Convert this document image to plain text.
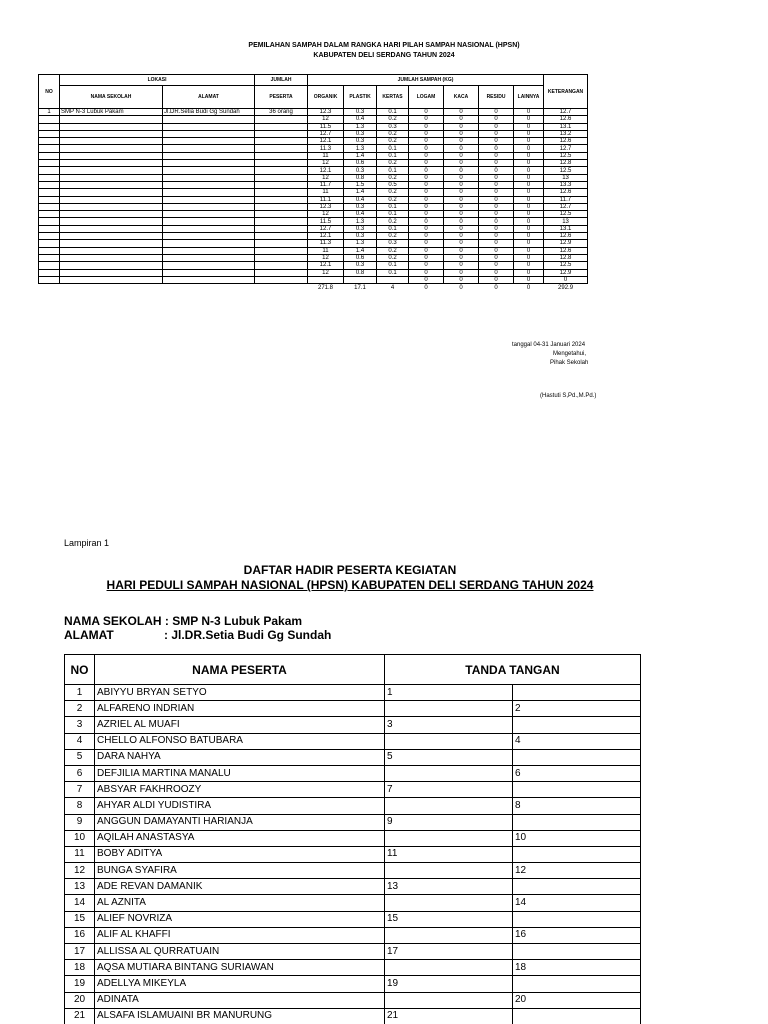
PEMILAHAN SAMPAH DALAM RANGKA HARI PILAH SAMPAH NASIONAL (HPSN)
KABUPATEN DELI SERDANG TAHUN 2024
NO	LOKASI		JUMLAH	JUMLAH SAMPAH (KG)							KETERANGAN
	NAMA SEKOLAH	ALAMAT	PESERTA	ORGANIK	PLASTIK	KERTAS	LOGAM	KACA	RESIDU	LAINNYA	
1	SMP N-3 Lubuk Pakam	Jl.DR.Setia Budi Gg Sundah	36 orang	12.3	0.3	0.1	0	0	0	0	12.7
				12	0.4	0.2	0	0	0	0	12.6
				11.5	1.3	0.3	0	0	0	0	13.1
				12.7	0.3	0.2	0	0	0	0	13.2
				12.1	0.3	0.2	0	0	0	0	12.6
				11.3	1.3	0.1	0	0	0	0	12.7
				11	1.4	0.1	0	0	0	0	12.5
				12	0.6	0.2	0	0	0	0	12.8
				12.1	0.3	0.1	0	0	0	0	12.5
				12	0.8	0.2	0	0	0	0	13
				11.7	1.5	0.5	0	0	0	0	13.3
				11	1.4	0.2	0	0	0	0	12.6
				11.1	0.4	0.2	0	0	0	0	11.7
				12.3	0.3	0.1	0	0	0	0	12.7
				12	0.4	0.1	0	0	0	0	12.5
				11.5	1.3	0.2	0	0	0	0	13
				12.7	0.3	0.1	0	0	0	0	13.1
				12.1	0.3	0.2	0	0	0	0	12.6
				11.3	1.3	0.3	0	0	0	0	12.9
				11	1.4	0.2	0	0	0	0	12.6
				12	0.6	0.2	0	0	0	0	12.8
				12.1	0.3	0.1	0	0	0	0	12.5
				12	0.8	0.1	0	0	0	0	12.9
							0	0	0	0	0
				271.8	17.1	4	0	0	0	0	292.9
tanggal 04-31 Januari 2024
Mengetahui,
Pihak Sekolah
(Hastuti S,Pd.,M.Pd.)
Lampiran 1
DAFTAR HADIR PESERTA KEGIATAN
HARI PEDULI SAMPAH NASIONAL (HPSN) KABUPATEN DELI SERDANG TAHUN 2024
NAMA SEKOLAH : SMP N-3 Lubuk Pakam
ALAMAT	: Jl.DR.Setia Budi Gg Sundah
NO	NAMA PESERTA	TANDA TANGAN	
1	ABIYYU BRYAN SETYO	1	
2	ALFARENO INDRIAN		2
3	AZRIEL AL MUAFI	3	
4	CHELLO ALFONSO BATUBARA		4
5	DARA NAHYA	5	
6	DEFJILIA MARTINA MANALU		6
7	ABSYAR FAKHROOZY	7	
8	AHYAR ALDI YUDISTIRA		8
9	ANGGUN DAMAYANTI HARIANJA	9	
10	AQILAH ANASTASYA		10
11	BOBY ADITYA	11	
12	BUNGA SYAFIRA		12
13	ADE REVAN DAMANIK	13	
14	AL AZNITA		14
15	ALIEF NOVRIZA	15	
16	ALIF AL KHAFFI		16
17	ALLISSA AL QURRATUAIN	17	
18	AQSA MUTIARA BINTANG SURIAWAN		18
19	ADELLYA MIKEYLA	19	
20	ADINATA		20
21	ALSAFA ISLAMUAINI BR MANURUNG	21	
